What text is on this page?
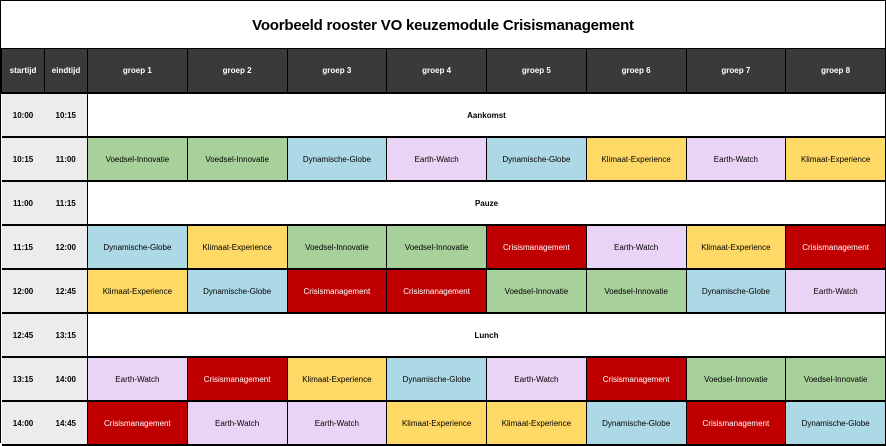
Voorbeeld rooster VO keuzemodule Crisismanagement
startijd	eindtijd	groep 1	groep 2	groep 3	groep 4	groep 5	groep 6	groep 7	groep 8
10:00	10:15	Aankomst							
10:15	11:00	Voedsel-Innovatie	Voedsel-Innovatie	Dynamische-Globe	Earth-Watch	Dynamische-Globe	Klimaat-Experience	Earth-Watch	Klimaat-Experience
11:00	11:15	Pauze							
11:15	12:00	Dynamische-Globe	Klimaat-Experience	Voedsel-Innovatie	Voedsel-Innovatie	Crisismanagement	Earth-Watch	Klimaat-Experience	Crisismanagement
12:00	12:45	Klimaat-Experience	Dynamische-Globe	Crisismanagement	Crisismanagement	Voedsel-Innovatie	Voedsel-Innovatie	Dynamische-Globe	Earth-Watch
12:45	13:15	Lunch							
13:15	14:00	Earth-Watch	Crisismanagement	Klimaat-Experience	Dynamische-Globe	Earth-Watch	Crisismanagement	Voedsel-Innovatie	Voedsel-Innovatie
14:00	14:45	Crisismanagement	Earth-Watch	Earth-Watch	Klimaat-Experience	Klimaat-Experience	Dynamische-Globe	Crisismanagement	Dynamische-Globe
